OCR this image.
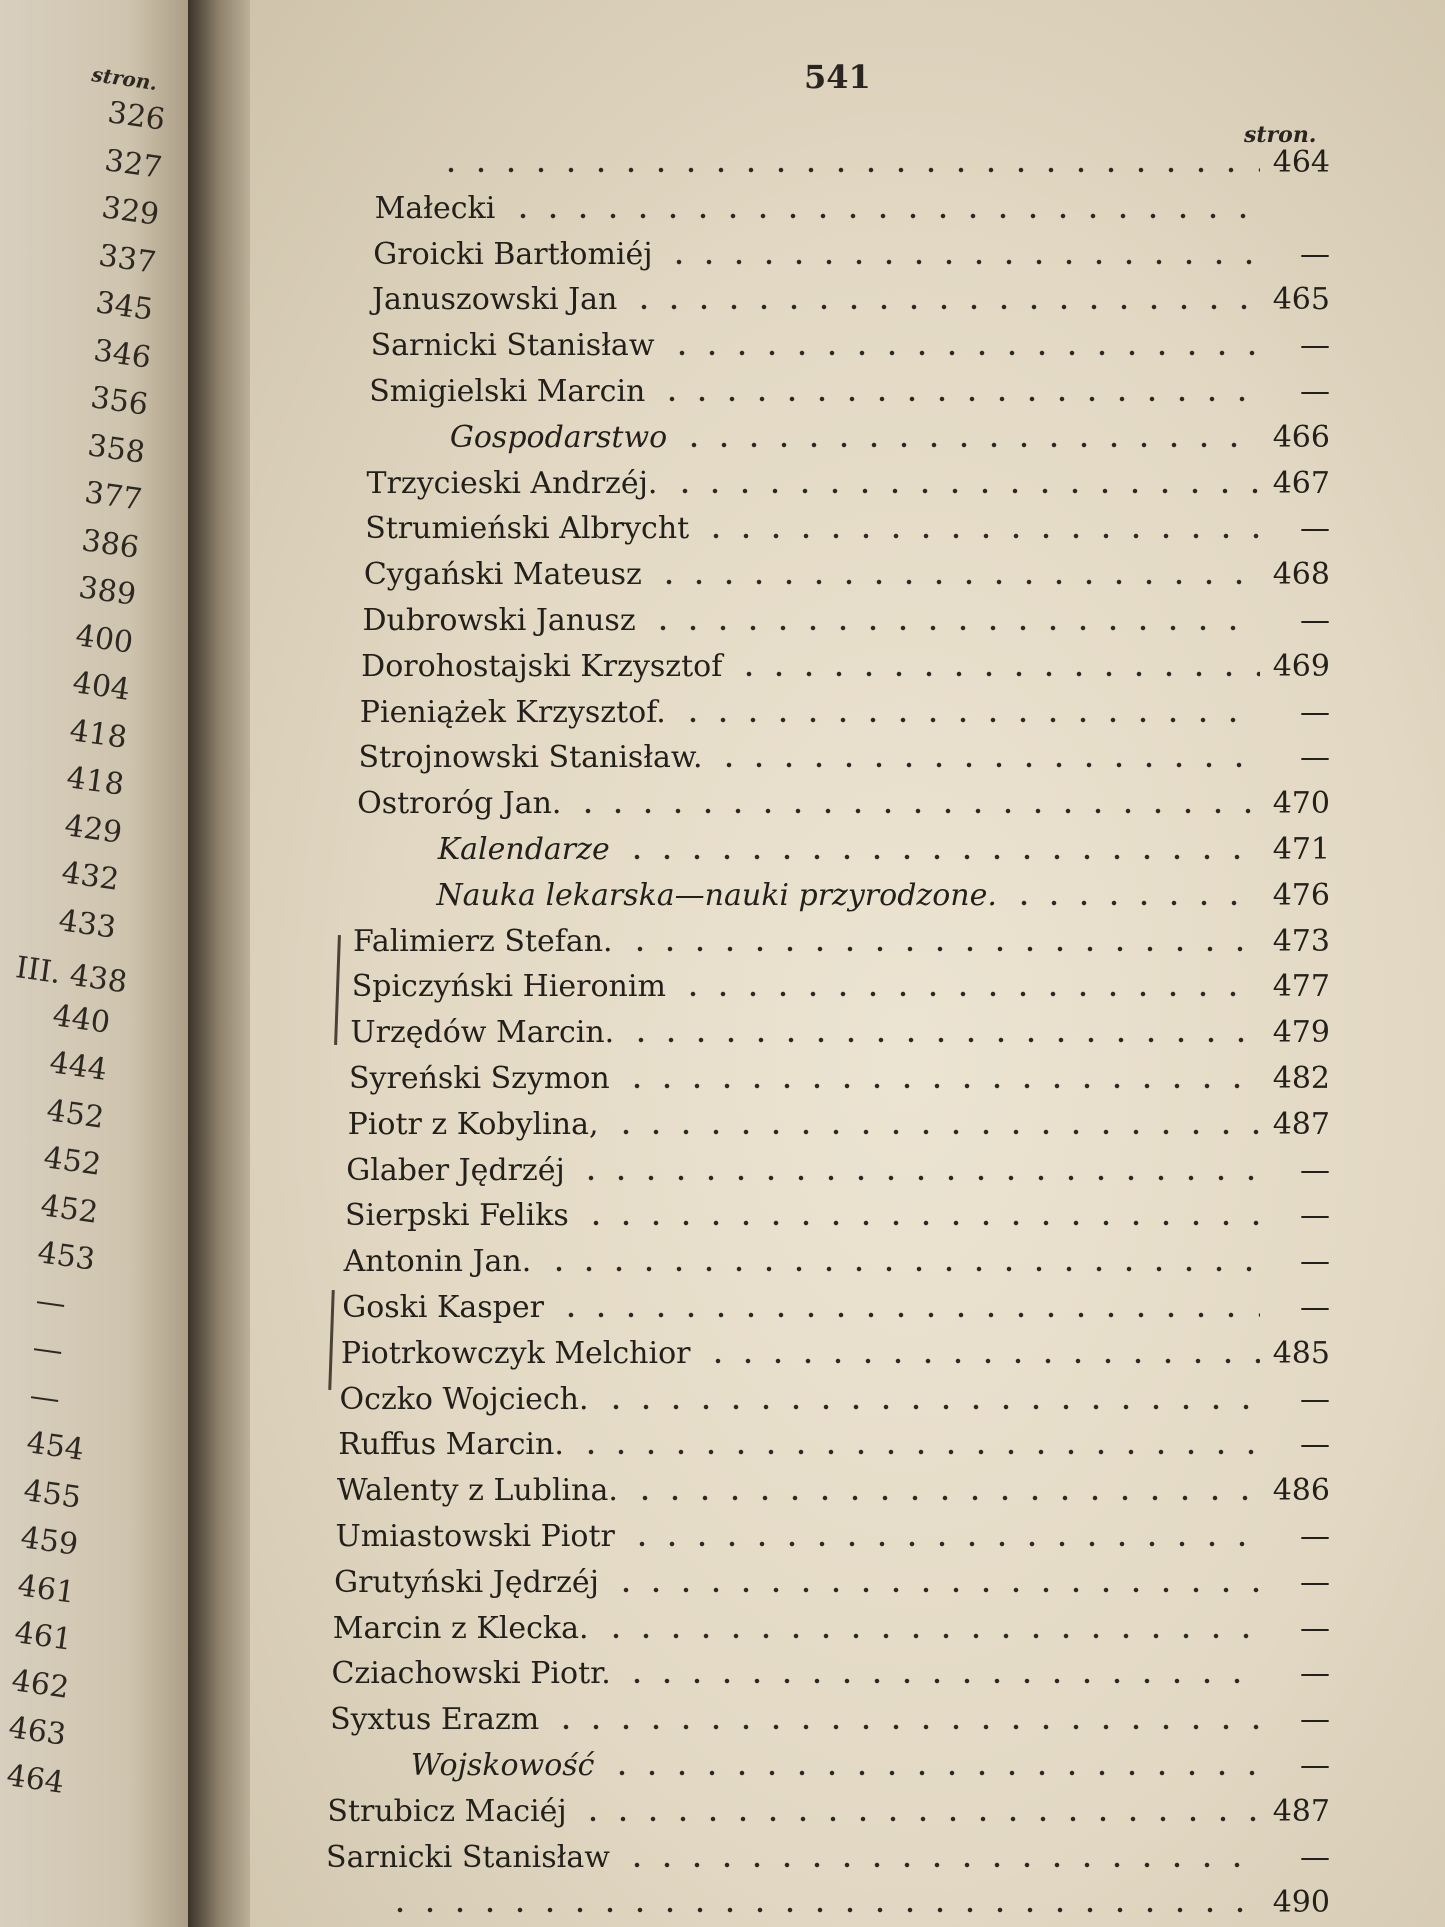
stron.
326
327
329
337
345
346
356
358
377
386
389
400
404
418
418
429
432
433
III. 438
440
444
452
452
452
453
—
—
—
454
455
459
461
461
462
463
464
541
stron.
464
Małecki
Groicki Bartłomiéj	—
Januszowski Jan	465
Sarnicki Stanisław	—
Smigielski Marcin	—
Gospodarstwo	466
Trzycieski Andrzéj.	467
Strumieński Albrycht	—
Cygański Mateusz	468
Dubrowski Janusz	—
Dorohostajski Krzysztof	469
Pieniążek Krzysztof.	—
Strojnowski Stanisław.	—
Ostroróg Jan.	470
Kalendarze	471
Nauka lekarska—nauki przyrodzone.	476
Falimierz Stefan.	473
Spiczyński Hieronim	477
Urzędów Marcin.	479
Syreński Szymon	482
Piotr z Kobylina,	487
Glaber Jędrzéj	—
Sierpski Feliks	—
Antonin Jan.	—
Goski Kasper	—
Piotrkowczyk Melchior	485
Oczko Wojciech.	—
Ruffus Marcin.	—
Walenty z Lublina.	486
Umiastowski Piotr	—
Grutyński Jędrzéj	—
Marcin z Klecka.	—
Cziachowski Piotr.	—
Syxtus Erazm	—
Wojskowość	—
Strubicz Maciéj	487
Sarnicki Stanisław	—
490
